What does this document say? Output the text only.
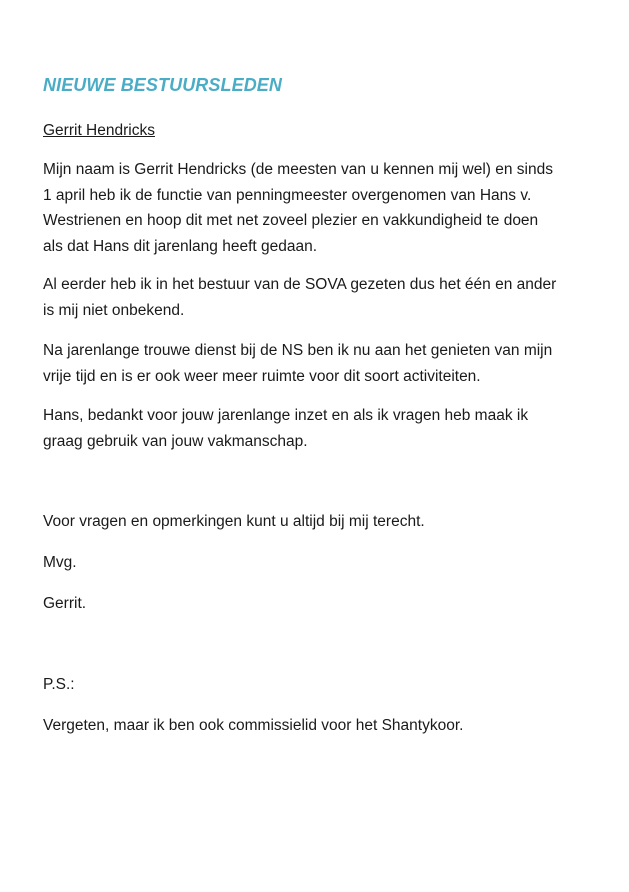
NIEUWE BESTUURSLEDEN

Gerrit Hendricks

Mijn naam is Gerrit Hendricks (de meesten van u kennen mij wel) en sinds
1 april heb ik de functie van penningmeester overgenomen van Hans v.
Westrienen en hoop dit met net zoveel plezier en vakkundigheid te doen
als dat Hans dit jarenlang heeft gedaan.

Al eerder heb ik in het bestuur van de SOVA gezeten dus het één en ander
is mij niet onbekend.

Na jarenlange trouwe dienst bij de NS ben ik nu aan het genieten van mijn
vrije tijd en is er ook weer meer ruimte voor dit soort activiteiten.

Hans, bedankt voor jouw jarenlange inzet en als ik vragen heb maak ik
graag gebruik van jouw vakmanschap.

Voor vragen en opmerkingen kunt u altijd bij mij terecht.

Mvg.

Gerrit.

P.S.:

Vergeten, maar ik ben ook commissielid voor het Shantykoor.
